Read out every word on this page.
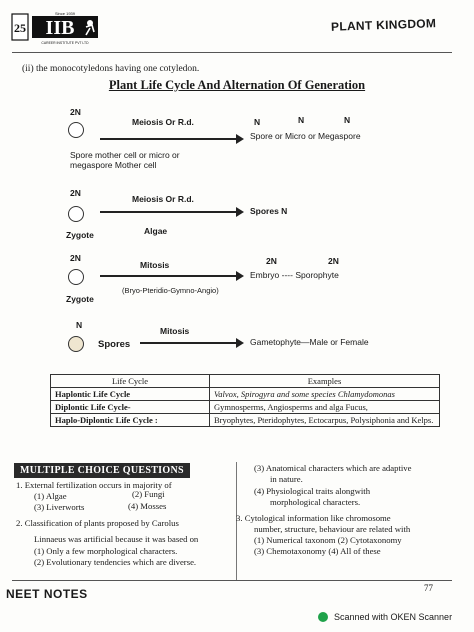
25 IIB
Since 1939
CAREER INSTITUTE PVT LTD
PLANT KINGDOM
(ii) the monocotyledons having one cotyledon.
Plant Life Cycle And Alternation Of Generation
2N
Meiosis Or R.d.
Spore mother cell or micro or megaspore Mother cell
N	N	N
Spore or Micro or Megaspore
2N
Meiosis Or R.d.
Algae
Zygote
Spores N
2N
Mitosis
(Bryo-Pteridio-Gymno-Angio)
Zygote
2N	2N
Embryo ---- Sporophyte
N
Spores
Mitosis
Gametophyte—Male or Female
Life Cycle	Examples
Haplontic Life Cycle	Valvox, Spirogyra and some species Chlamydomonas
Diplontic Life Cycle-	Gymnosperms, Angiosperms and alga Fucus,
Haplo-Diplontic Life Cycle :	Bryophytes, Pteridophytes, Ectocarpus, Polysiphonia and Kelps.
MULTIPLE CHOICE QUESTIONS
1. External fertilization occurs in majority of
(1) Algae	(2) Fungi
(3) Liverworts	(4) Mosses
2. Classification of plants proposed by Carolus
Linnaeus was artificial because it was based on
(1) Only a few morphological characters.
(2) Evolutionary tendencies which are diverse.
(3) Anatomical characters which are adaptive
in nature.
(4) Physiological traits alongwith
morphological characters.
3. Cytological information like chromosome
number, structure, behaviour are related with
(1) Numerical taxonom (2) Cytotaxonomy
(3) Chemotaxonomy (4) All of these
NEET NOTES	77
Scanned with OKEN Scanner
